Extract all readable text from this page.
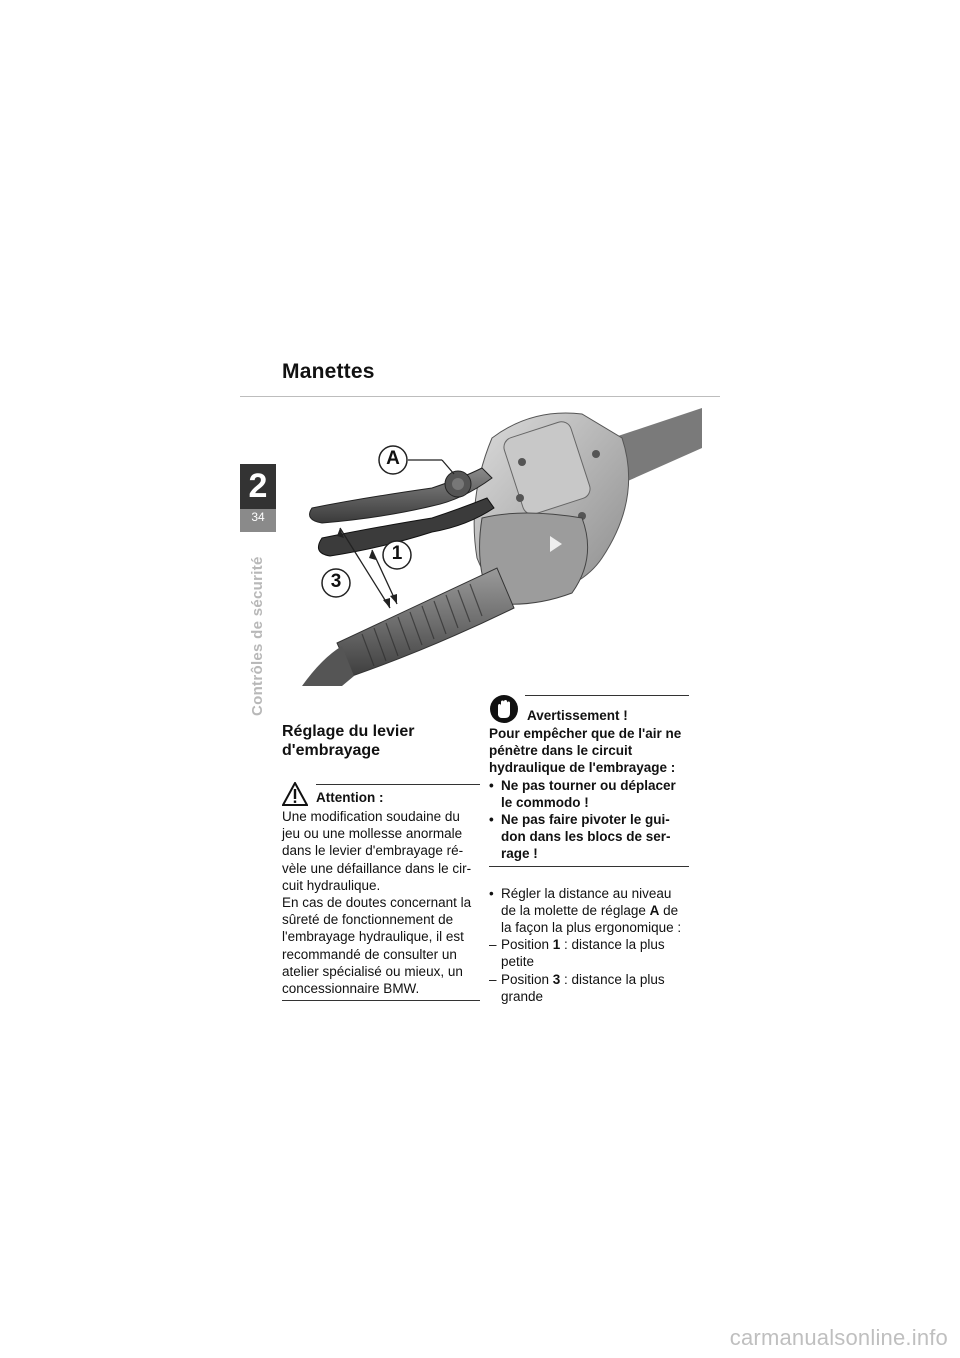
Manettes
2
34
Contrôles de sécurité
A
1
3
Réglage du levier
d'embrayage
Attention :

Une modification soudaine du

jeu ou une mollesse anormale

dans le levier d'embrayage ré-

vèle une défaillance dans le cir-

cuit hydraulique.

En cas de doutes concernant la

sûreté de fonctionnement de

l'embrayage hydraulique, il est

recommandé de consulter un

atelier spécialisé ou mieux, un

concessionnaire BMW.

Avertissement !

Pour empêcher que de l'air ne

pénètre dans le circuit

hydraulique de l'embrayage :

• Ne pas tourner ou déplacer
le commodo !
• Ne pas faire pivoter le gui-
don dans les blocs de ser-
rage !
• Régler la distance au niveau
de la molette de réglage A de
la façon la plus ergonomique :
– Position 1 : distance la plus
petite
– Position 3 : distance la plus
grande
carmanualsonline.info
